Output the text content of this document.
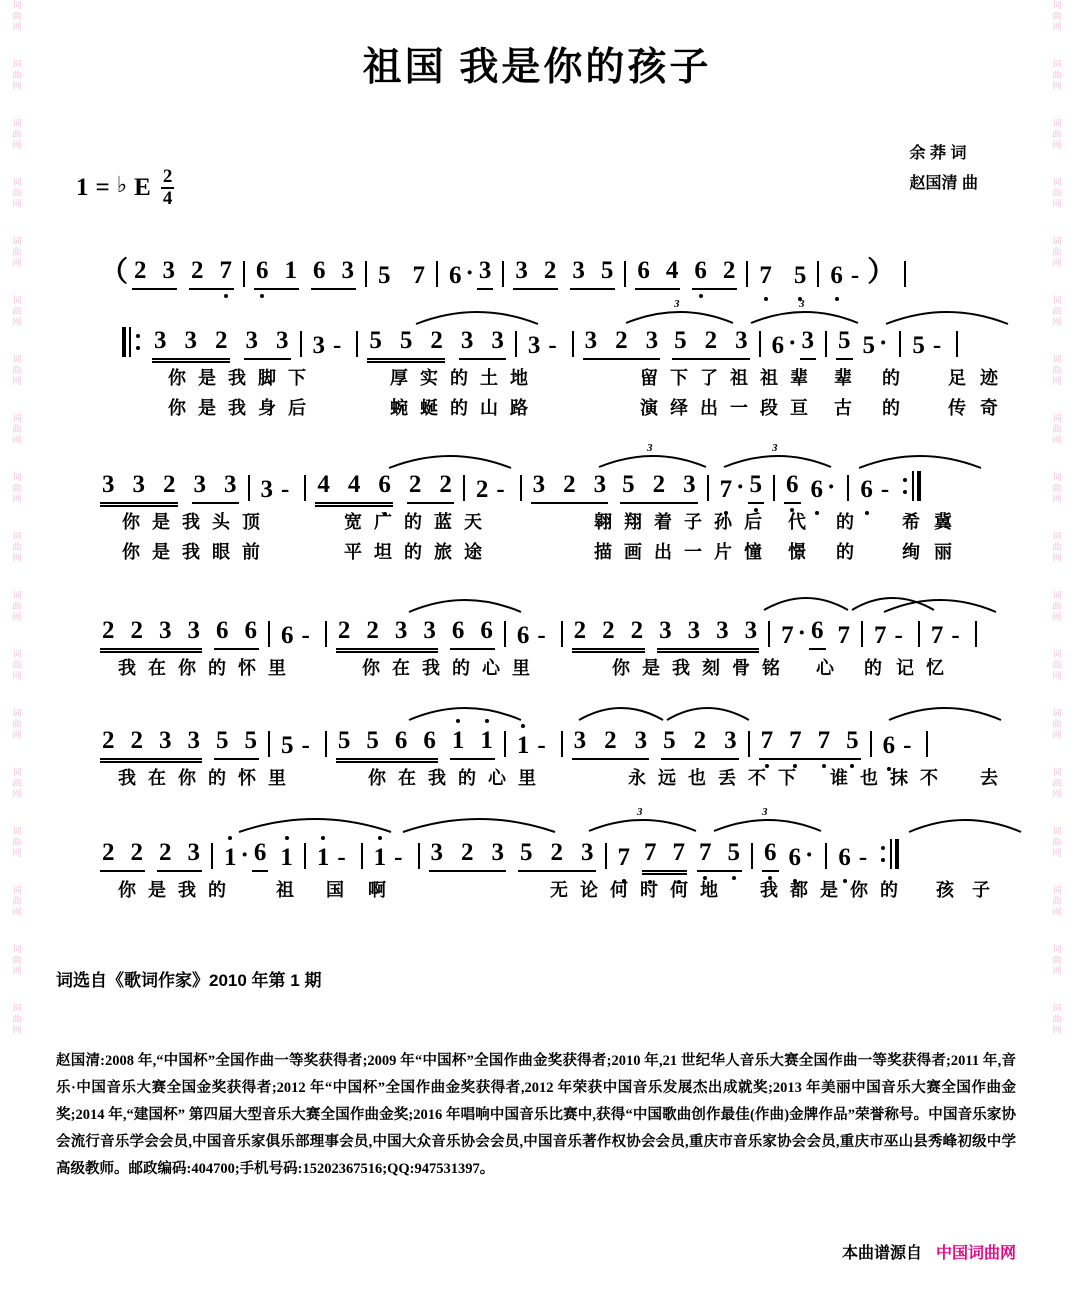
词
曲
网
词
曲
网
词
曲
网
词
曲
网
词
曲
网
词
曲
网
词
曲
网
词
曲
网
词
曲
网
词
曲
网
词
曲
网
词
曲
网
词
曲
网
词
曲
网
词
曲
网
词
曲
网
词
曲
网
词
曲
网
词
曲
网
词
曲
网
词
曲
网
词
曲
网
词
曲
网
词
曲
网
词
曲
网
词
曲
网
词
曲
网
词
曲
网
词
曲
网
词
曲
网
词
曲
网
词
曲
网
词
曲
网
词
曲
网
词
曲
网
词
曲
网
祖国 我是你的孩子
余 莽 词
赵国清 曲
1 = ♭ E $\frac{2}{4}$
（ 2 3 2 7 6 1 6 3 5 7 6 · 3 3 2 3 5 6 4 6 2 7 5 6 - ）
3 3 2 3 3 3 - 5 5 2 3 3 3 - 3 2 3 5 2 3 6 · 3 5 5 · 5 -
3	3
你 是 我 脚 下	厚 实 的 土 地	留 下 了 祖 祖 辈 辈 的	足 迹
你 是 我 身 后	蜿 蜒 的 山 路	演 绎 出 一 段 亘 古 的	传 奇
3 3 2 3 3 3 - 4 4 6 2 2 2 - 3 2 3 5 2 3 7 · 5 6 6 · 6 -
3	3
你 是 我 头 顶	宽 广 的 蓝 天	翱 翔 着 子 孙 后 代 的	希 冀
你 是 我 眼 前	平 坦 的 旅 途	描 画 出 一 片 憧 憬 的	绚 丽
2 2 3 3 6 6 6 - 2 2 3 3 6 6 6 - 2 2 2 3 3 3 3 7 · 6 7 7 - 7 -
我 在 你 的 怀 里	你 在 我 的 心 里	你 是 我 刻 骨 铭 心 的 记 忆
2 2 3 3 5 5 5 - 5 5 6 6 1 1 1 - 3 2 3 5 2 3 7 7 7 5 6 -
我 在 你 的 怀 里	你 在 我 的 心 里	永 远 也 丢 不 下 谁 也 抹 不 去
2 2 2 3 1 · 6 1 1 - 1 - 3 2 3 5 2 3 7 7 7 7 5 6 6 · 6 -
3	3
你 是 我 的	祖 国 啊	无 论 何 时 何 地 我 都 是 你 的 孩 子
词选自《歌词作家》2010 年第 1 期
赵国清:2008 年,“中国杯”全国作曲一等奖获得者;2009 年“中国杯”全国作曲金奖获得者;2010 年,21 世纪华人音乐大赛全国作曲一等奖获得者;2011 年,音乐·中国音乐大赛全国金奖获得者;2012 年“中国杯”全国作曲金奖获得者,2012 年荣获中国音乐发展杰出成就奖;2013 年美丽中国音乐大赛全国作曲金奖;2014 年,“建国杯” 第四届大型音乐大赛全国作曲金奖;2016 年唱响中国音乐比赛中,获得“中国歌曲创作最佳(作曲)金牌作品”荣誉称号。中国音乐家协会流行音乐学会会员,中国音乐家俱乐部理事会员,中国大众音乐协会会员,中国音乐著作权协会会员,重庆市音乐家协会会员,重庆市巫山县秀峰初级中学高级教师。邮政编码:404700;手机号码:15202367516;QQ:947531397。
本曲谱源自 中国词曲网
